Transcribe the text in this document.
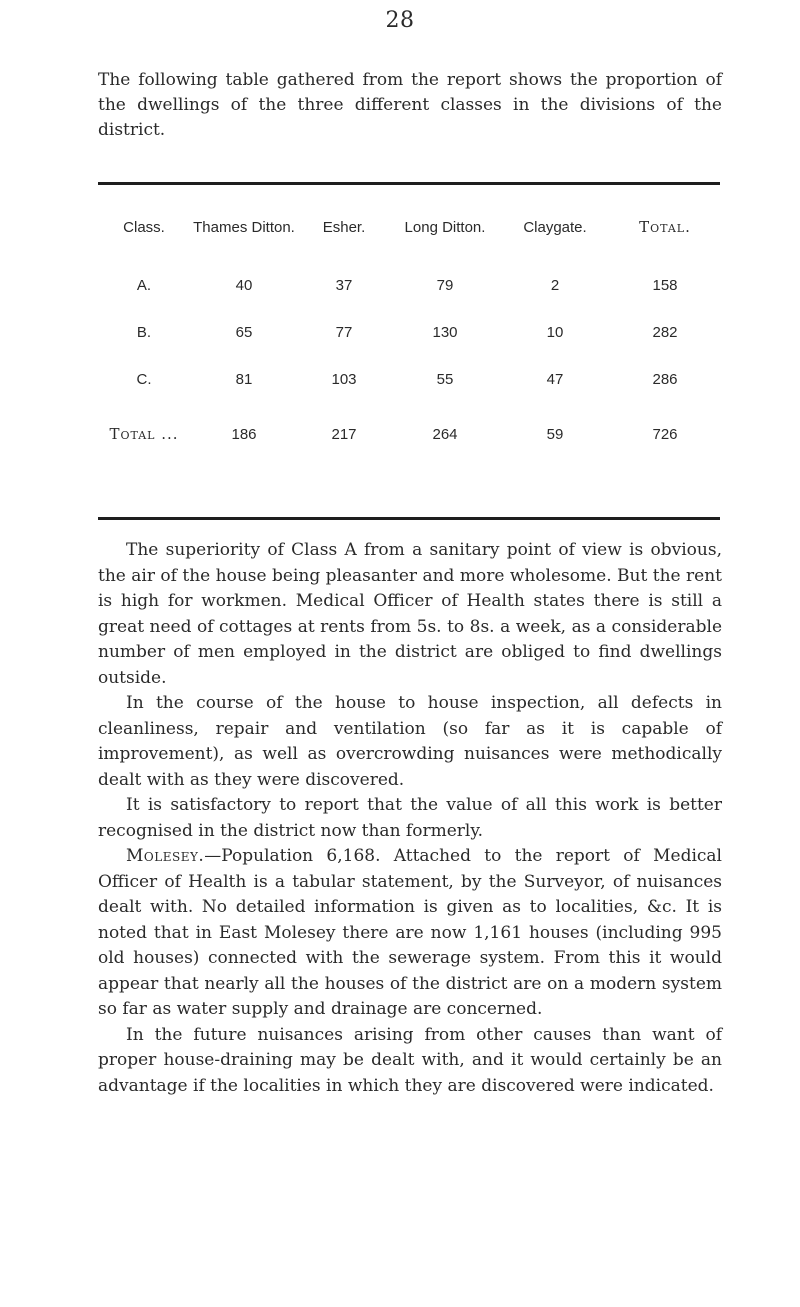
28

The following table gathered from the report shows the proportion of the dwellings of the three different classes in the divisions of the district.

Class.	Thames Ditton.	Esher.	Long Ditton.	Claygate.	Total.
A.	40	37	79	2	158
B.	65	77	130	10	282
C.	81	103	55	47	286
Total ...	186	217	264	59	726

The superiority of Class A from a sanitary point of view is obvious, the air of the house being pleasanter and more wholesome. But the rent is high for workmen. Medical Officer of Health states there is still a great need of cottages at rents from 5s. to 8s. a week, as a considerable number of men employed in the district are obliged to find dwellings outside.

In the course of the house to house inspection, all defects in cleanliness, repair and ventilation (so far as it is capable of improvement), as well as overcrowding nuisances were methodically dealt with as they were discovered.

It is satisfactory to report that the value of all this work is better recognised in the district now than formerly.

Molesey.—Population 6,168. Attached to the report of Medical Officer of Health is a tabular statement, by the Surveyor, of nuisances dealt with. No detailed information is given as to localities, &c. It is noted that in East Molesey there are now 1,161 houses (including 995 old houses) connected with the sewerage system. From this it would appear that nearly all the houses of the district are on a modern system so far as water supply and drainage are concerned.

In the future nuisances arising from other causes than want of proper house-draining may be dealt with, and it would certainly be an advantage if the localities in which they are discovered were indicated.
